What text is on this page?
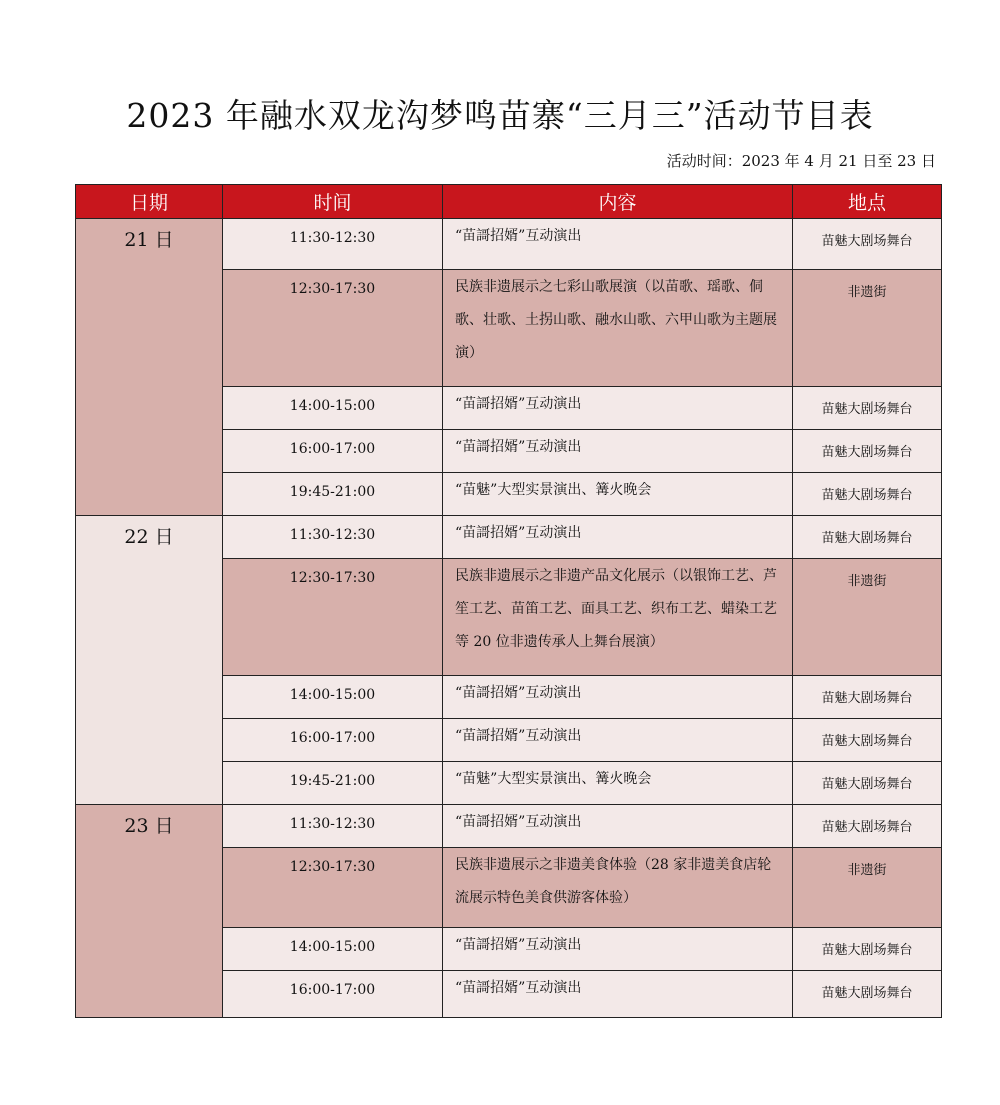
2023 年融水双龙沟梦鸣苗寨“三月三”活动节目表
活动时间：2023 年 4 月 21 日至 23 日
日期	时间	内容	地点
21 日	11:30-12:30	“苗謌招婿”互动演出	苗魅大剧场舞台
	12:30-17:30	民族非遗展示之七彩山歌展演（以苗歌、瑶歌、侗歌、壮歌、土拐山歌、融水山歌、六甲山歌为主题展演）	非遗街
	14:00-15:00	“苗謌招婿”互动演出	苗魅大剧场舞台
	16:00-17:00	“苗謌招婿”互动演出	苗魅大剧场舞台
	19:45-21:00	“苗魅”大型实景演出、篝火晚会	苗魅大剧场舞台
22 日	11:30-12:30	“苗謌招婿”互动演出	苗魅大剧场舞台
	12:30-17:30	民族非遗展示之非遗产品文化展示（以银饰工艺、芦笙工艺、苗笛工艺、面具工艺、织布工艺、蜡染工艺等 20 位非遗传承人上舞台展演）	非遗街
	14:00-15:00	“苗謌招婿”互动演出	苗魅大剧场舞台
	16:00-17:00	“苗謌招婿”互动演出	苗魅大剧场舞台
	19:45-21:00	“苗魅”大型实景演出、篝火晚会	苗魅大剧场舞台
23 日	11:30-12:30	“苗謌招婿”互动演出	苗魅大剧场舞台
	12:30-17:30	民族非遗展示之非遗美食体验（28 家非遗美食店轮流展示特色美食供游客体验）	非遗街
	14:00-15:00	“苗謌招婿”互动演出	苗魅大剧场舞台
	16:00-17:00	“苗謌招婿”互动演出	苗魅大剧场舞台
